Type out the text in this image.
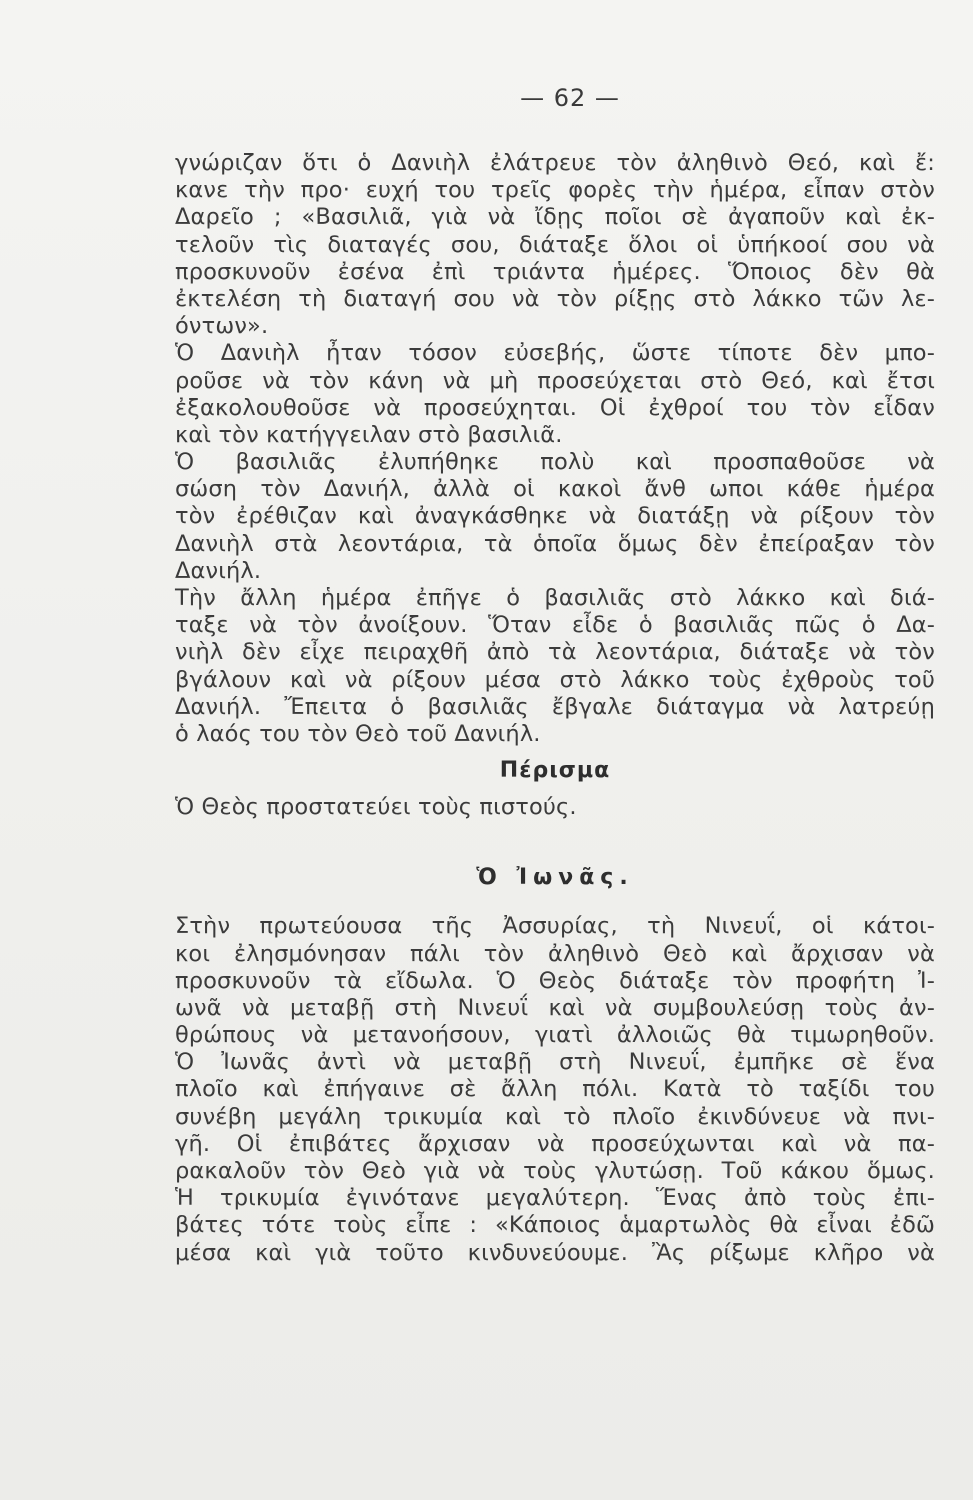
— 62 —
γνώριζαν ὅτι ὁ Δανιὴλ ἐλάτρευε τὸν ἀληθινὸ Θεό, καὶ ἔ:
κανε τὴν προ· ευχή του τρεῖς φορὲς τὴν ἡμέρα, εἶπαν στὸν
Δαρεῖο ; «Βασιλιᾶ, γιὰ νὰ ἴδῃς ποῖοι σὲ ἀγαποῦν καὶ ἐκ-
τελοῦν τὶς διαταγές σου, διάταξε ὅλοι οἱ ὑπήκοοί σου νὰ
προσκυνοῦν ἐσένα ἐπὶ τριάντα ἡμέρες. Ὅποιος δὲν θὰ
ἐκτελέση τὴ διαταγή σου νὰ τὸν ρίξῃς στὸ λάκκο τῶν λε-
όντων».
Ὁ Δανιὴλ ἦταν τόσον εὐσεβής, ὥστε τίποτε δὲν μπο-
ροῦσε νὰ τὸν κάνη νὰ μὴ προσεύχεται στὸ Θεό, καὶ ἔτσι
ἐξακολουθοῦσε νὰ προσεύχηται. Οἱ ἐχθροί του τὸν εἶδαν
καὶ τὸν κατήγγειλαν στὸ βασιλιᾶ.
Ὁ βασιλιᾶς ἐλυπήθηκε πολὺ καὶ προσπαθοῦσε νὰ
σώση τὸν Δανιήλ, ἀλλὰ οἱ κακοὶ ἄνθ ωποι κάθε ἡμέρα
τὸν ἐρέθιζαν καὶ ἀναγκάσθηκε νὰ διατάξῃ νὰ ρίξουν τὸν
Δανιὴλ στὰ λεοντάρια, τὰ ὁποῖα ὅμως δὲν ἐπείραξαν τὸν
Δανιήλ.
Τὴν ἄλλη ἡμέρα ἐπῆγε ὁ βασιλιᾶς στὸ λάκκο καὶ διά-
ταξε νὰ τὸν ἀνοίξουν. Ὅταν εἶδε ὁ βασιλιᾶς πῶς ὁ Δα-
νιὴλ δὲν εἶχε πειραχθῆ ἀπὸ τὰ λεοντάρια, διάταξε νὰ τὸν
βγάλουν καὶ νὰ ρίξουν μέσα στὸ λάκκο τοὺς ἐχθροὺς τοῦ
Δανιήλ. Ἔπειτα ὁ βασιλιᾶς ἔβγαλε διάταγμα νὰ λατρεύῃ
ὁ λαός του τὸν Θεὸ τοῦ Δανιήλ.
Πέρισμα
Ὁ Θεὸς προστατεύει τοὺς πιστούς.
Ὁ Ἰωνᾶς.
Στὴν πρωτεύουσα τῆς Ἀσσυρίας, τὴ Νινευΐ, οἱ κάτοι-
κοι ἐλησμόνησαν πάλι τὸν ἀληθινὸ Θεὸ καὶ ἄρχισαν νὰ
προσκυνοῦν τὰ εἴδωλα. Ὁ Θεὸς διάταξε τὸν προφήτη Ἰ-
ωνᾶ νὰ μεταβῇ στὴ Νινευΐ καὶ νὰ συμβουλεύσῃ τοὺς ἀν-
θρώπους νὰ μετανοήσουν, γιατὶ ἀλλοιῶς θὰ τιμωρηθοῦν.
Ὁ Ἰωνᾶς ἀντὶ νὰ μεταβῇ στὴ Νινευΐ, ἐμπῆκε σὲ ἕνα
πλοῖο καὶ ἐπήγαινε σὲ ἄλλη πόλι. Κατὰ τὸ ταξίδι του
συνέβη μεγάλη τρικυμία καὶ τὸ πλοῖο ἐκινδύνευε νὰ πνι-
γῆ. Οἱ ἐπιβάτες ἄρχισαν νὰ προσεύχωνται καὶ νὰ πα-
ρακαλοῦν τὸν Θεὸ γιὰ νὰ τοὺς γλυτώσῃ. Τοῦ κάκου ὅμως.
Ἡ τρικυμία ἐγινότανε μεγαλύτερη. Ἕνας ἀπὸ τοὺς ἐπι-
βάτες τότε τοὺς εἶπε : «Κάποιος ἁμαρτωλὸς θὰ εἶναι ἐδῶ
μέσα καὶ γιὰ τοῦτο κινδυνεύουμε. Ἂς ρίξωμε κλῆρο νὰ
